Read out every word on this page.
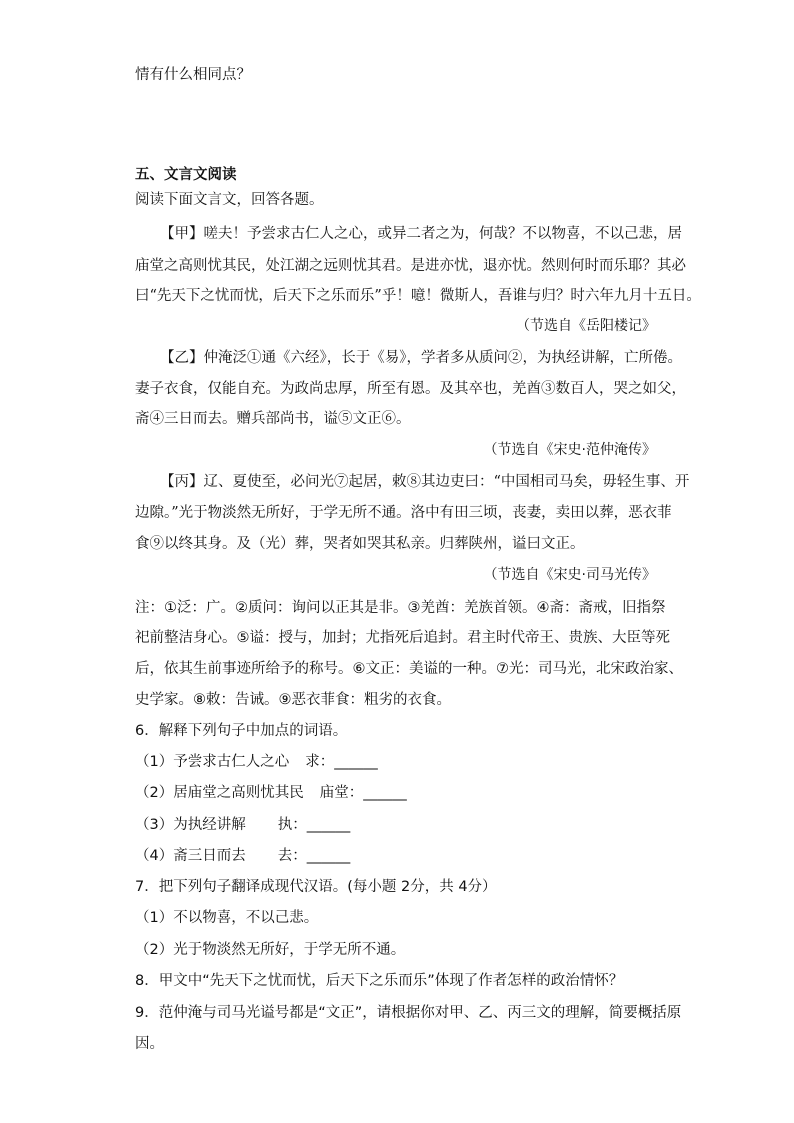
情有什么相同点？
五、文言文阅读
阅读下面文言文，回答各题。
【甲】嗟夫！予尝求古仁人之心，或异二者之为，何哉？不以物喜，不以己悲，居
庙堂之高则忧其民，处江湖之远则忧其君。是进亦忧，退亦忧。然则何时而乐耶？其必
曰“先天下之忧而忧，后天下之乐而乐”乎！噫！微斯人，吾谁与归？时六年九月十五日。
（节选自《岳阳楼记》
【乙】仲淹泛①通《六经》，长于《易》，学者多从质问②，为执经讲解，亡所倦。
妻子衣食，仅能自充。为政尚忠厚，所至有恩。及其卒也，羌酋③数百人，哭之如父，
斋④三日而去。赠兵部尚书，谥⑤文正⑥。
（节选自《宋史·范仲淹传》
【丙】辽、夏使至，必问光⑦起居，敕⑧其边吏曰：“中国相司马矣，毋轻生事、开
边隙。”光于物淡然无所好，于学无所不通。洛中有田三顷，丧妻，卖田以葬，恶衣菲
食⑨以终其身。及（光）葬，哭者如哭其私亲。归葬陕州，谥曰文正。
（节选自《宋史·司马光传》
注：①泛：广。②质问：询问以正其是非。③羌酋：羌族首领。④斋：斋戒，旧指祭
祀前整洁身心。⑤谥：授与，加封；尤指死后追封。君主时代帝王、贵族、大臣等死
后，依其生前事迹所给予的称号。⑥文正：美谥的一种。⑦光：司马光，北宋政治家、
史学家。⑧敕：告诫。⑨恶衣菲食：粗劣的衣食。
6．解释下列句子中加点的词语。
（1）予尝求古仁人之心 求：______
（2）居庙堂之高则忧其民 庙堂：______
（3）为执经讲解 执：______
（4）斋三日而去 去：______
7．把下列句子翻译成现代汉语。(每小题 2分，共 4分）
（1）不以物喜，不以己悲。
（2）光于物淡然无所好，于学无所不通。
8．甲文中“先天下之忧而忧，后天下之乐而乐”体现了作者怎样的政治情怀？
9．范仲淹与司马光谥号都是“文正”，请根据你对甲、乙、丙三文的理解，简要概括原
因。
